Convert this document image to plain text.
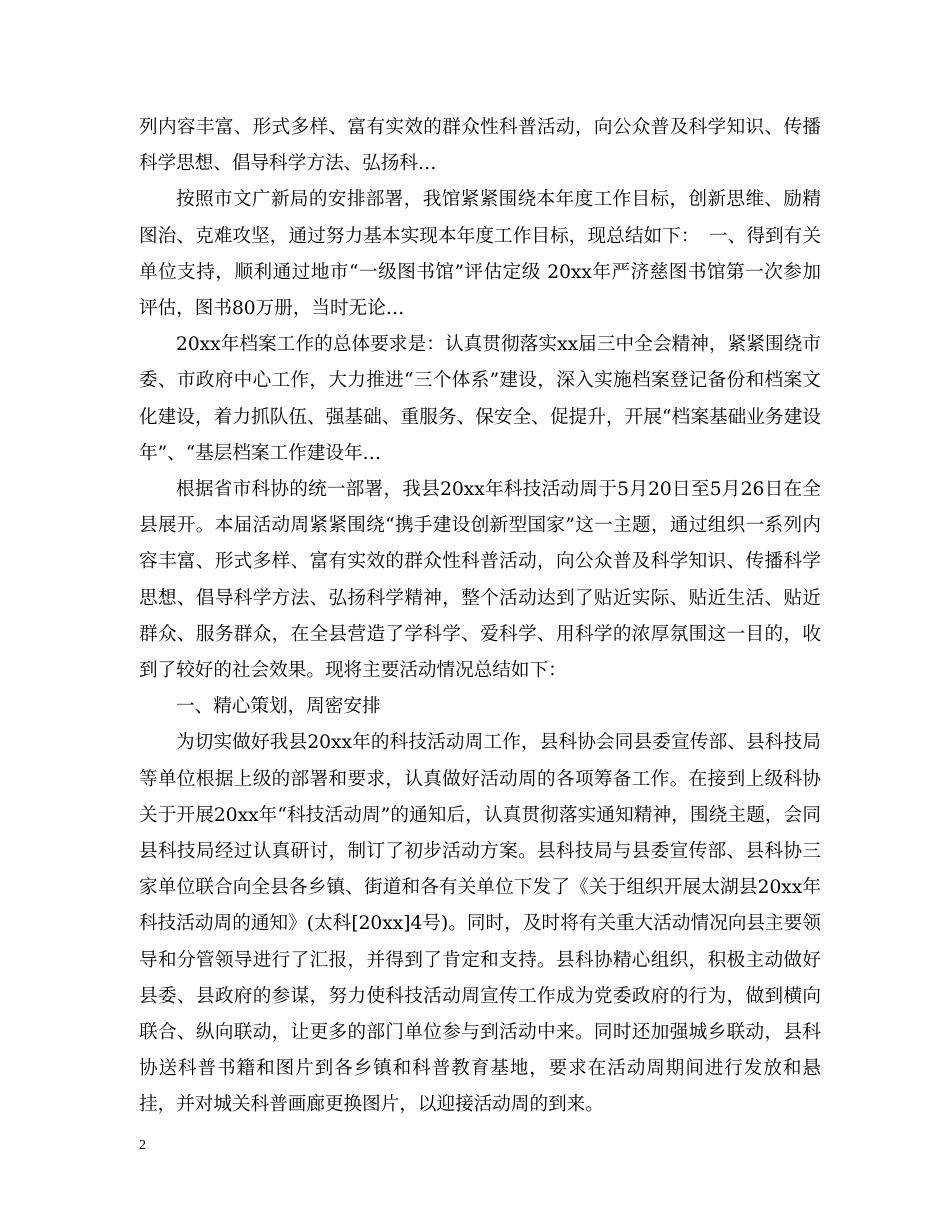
列内容丰富、形式多样、富有实效的群众性科普活动，向公众普及科学知识、传播科学思想、倡导科学方法、弘扬科…

按照市文广新局的安排部署，我馆紧紧围绕本年度工作目标，创新思维、励精图治、克难攻坚，通过努力基本实现本年度工作目标，现总结如下：　一、得到有关单位支持，顺利通过地市“一级图书馆”评估定级 20xx年严济慈图书馆第一次参加评估，图书80万册，当时无论…

20xx年档案工作的总体要求是：认真贯彻落实xx届三中全会精神，紧紧围绕市委、市政府中心工作，大力推进“三个体系”建设，深入实施档案登记备份和档案文化建设，着力抓队伍、强基础、重服务、保安全、促提升，开展“档案基础业务建设年”、“基层档案工作建设年…

根据省市科协的统一部署，我县20xx年科技活动周于5月20日至5月26日在全县展开。本届活动周紧紧围绕“携手建设创新型国家”这一主题，通过组织一系列内容丰富、形式多样、富有实效的群众性科普活动，向公众普及科学知识、传播科学思想、倡导科学方法、弘扬科学精神，整个活动达到了贴近实际、贴近生活、贴近群众、服务群众，在全县营造了学科学、爱科学、用科学的浓厚氛围这一目的，收到了较好的社会效果。现将主要活动情况总结如下：

一、精心策划，周密安排

为切实做好我县20xx年的科技活动周工作，县科协会同县委宣传部、县科技局等单位根据上级的部署和要求，认真做好活动周的各项筹备工作。在接到上级科协关于开展20xx年“科技活动周”的通知后，认真贯彻落实通知精神，围绕主题，会同县科技局经过认真研讨，制订了初步活动方案。县科技局与县委宣传部、县科协三家单位联合向全县各乡镇、街道和各有关单位下发了《关于组织开展太湖县20xx年科技活动周的通知》(太科[20xx]4号)。同时，及时将有关重大活动情况向县主要领导和分管领导进行了汇报，并得到了肯定和支持。县科协精心组织，积极主动做好县委、县政府的参谋，努力使科技活动周宣传工作成为党委政府的行为，做到横向联合、纵向联动，让更多的部门单位参与到活动中来。同时还加强城乡联动，县科协送科普书籍和图片到各乡镇和科普教育基地，要求在活动周期间进行发放和悬挂，并对城关科普画廊更换图片，以迎接活动周的到来。

2
